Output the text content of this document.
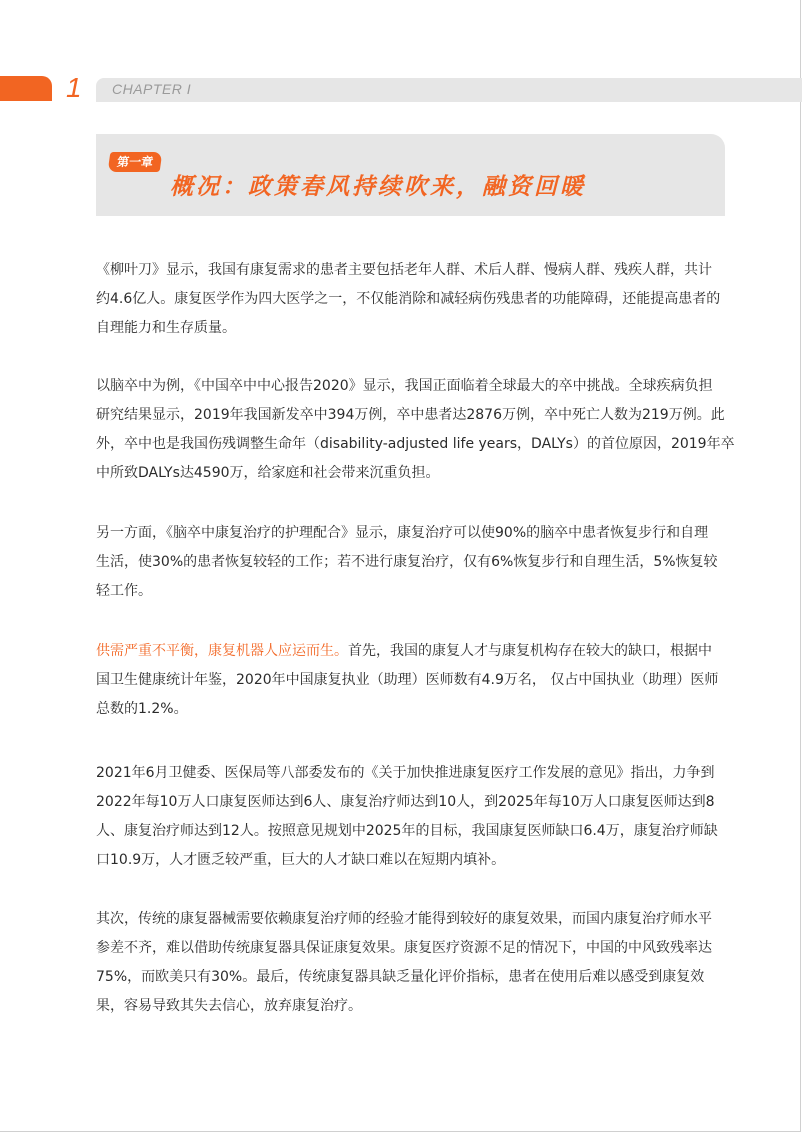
1 CHAPTER I
第一章
概况：政策春风持续吹来，融资回暖

《柳叶刀》显示，我国有康复需求的患者主要包括老年人群、术后人群、慢病人群、残疾人群，共计
约4.6亿人。康复医学作为四大医学之一，不仅能消除和减轻病伤残患者的功能障碍，还能提高患者的
自理能力和生存质量。

以脑卒中为例，《中国卒中中心报告2020》显示，我国正面临着全球最大的卒中挑战。全球疾病负担
研究结果显示，2019年我国新发卒中394万例，卒中患者达2876万例，卒中死亡人数为219万例。此
外，卒中也是我国伤残调整生命年（disability-adjusted life years，DALYs）的首位原因，2019年卒
中所致DALYs达4590万，给家庭和社会带来沉重负担。

另一方面，《脑卒中康复治疗的护理配合》显示，康复治疗可以使90%的脑卒中患者恢复步行和自理
生活，使30%的患者恢复较轻的工作；若不进行康复治疗，仅有6%恢复步行和自理生活，5%恢复较
轻工作。

供需严重不平衡，康复机器人应运而生。首先，我国的康复人才与康复机构存在较大的缺口，根据中
国卫生健康统计年鉴，2020年中国康复执业（助理）医师数有4.9万名， 仅占中国执业（助理）医师
总数的1.2%。

2021年6月卫健委、医保局等八部委发布的《关于加快推进康复医疗工作发展的意见》指出，力争到
2022年每10万人口康复医师达到6人、康复治疗师达到10人，到2025年每10万人口康复医师达到8
人、康复治疗师达到12人。按照意见规划中2025年的目标，我国康复医师缺口6.4万，康复治疗师缺
口10.9万，人才匮乏较严重，巨大的人才缺口难以在短期内填补。

其次，传统的康复器械需要依赖康复治疗师的经验才能得到较好的康复效果，而国内康复治疗师水平
参差不齐，难以借助传统康复器具保证康复效果。康复医疗资源不足的情况下，中国的中风致残率达
75%，而欧美只有30%。最后，传统康复器具缺乏量化评价指标，患者在使用后难以感受到康复效
果，容易导致其失去信心，放弃康复治疗。
